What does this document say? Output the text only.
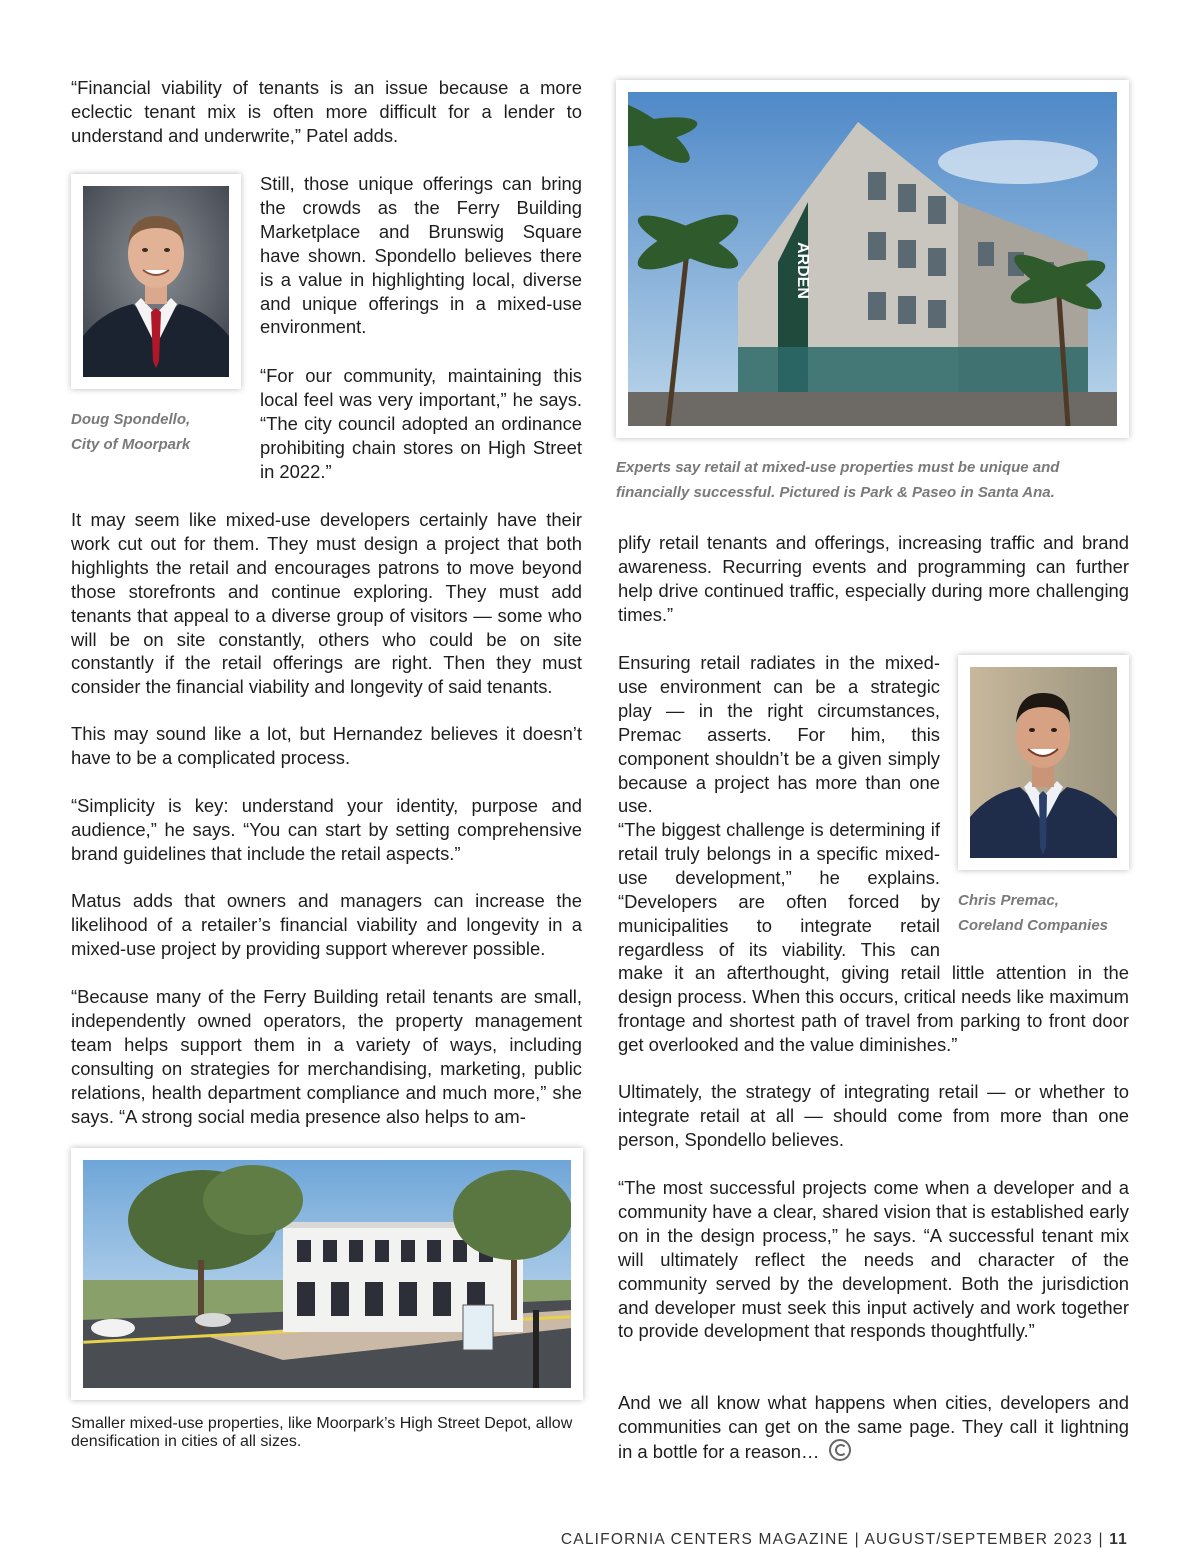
“Financial viability of tenants is an issue because a more eclectic tenant mix is often more difficult for a lender to understand and underwrite,” Patel adds.

Doug Spondello,
City of Moorpark

Still, those unique offerings can bring the crowds as the Ferry Building Marketplace and Brunswig Square have shown. Spondello believes there is a value in highlighting local, diverse and unique offerings in a mixed-use environment.

“For our community, maintaining this local feel was very important,” he says. “The city council adopted an ordinance prohibiting chain stores on High Street in 2022.”

It may seem like mixed-use developers certainly have their work cut out for them. They must design a project that both highlights the retail and encourages patrons to move beyond those storefronts and continue exploring. They must add tenants that appeal to a diverse group of visitors — some who will be on site constantly, others who could be on site constantly if the retail offerings are right. Then they must consider the financial viability and longevity of said tenants.

This may sound like a lot, but Hernandez believes it doesn’t have to be a complicated process.

“Simplicity is key: understand your identity, purpose and audience,” he says. “You can start by setting comprehensive brand guidelines that include the retail aspects.”

Matus adds that owners and managers can increase the likelihood of a retailer’s financial viability and longevity in a mixed-use project by providing support wherever possible.

“Because many of the Ferry Building retail tenants are small, independently owned operators, the property management team helps support them in a variety of ways, including consulting on strategies for merchandising, marketing, public relations, health department compliance and much more,” she says. “A strong social media presence also helps to am-

Smaller mixed-use properties, like Moorpark’s High Street Depot, allow densification in cities of all sizes.
ARDEN
Experts say retail at mixed-use properties must be unique and financially successful. Pictured is Park & Paseo in Santa Ana.

plify retail tenants and offerings, increasing traffic and brand awareness. Recurring events and programming can further help drive continued traffic, especially during more challenging times.”

Ensuring retail radiates in the mixed-use environment can be a strategic play — in the right circumstances, Premac asserts. For him, this component shouldn’t be a given simply because a project has more than one use.

Chris Premac,
Coreland Companies

“The biggest challenge is determining if retail truly belongs in a specific mixed-use development,” he explains. “Developers are often forced by municipalities to integrate retail regardless of its viability. This can make it an afterthought, giving retail little attention in the design process. When this occurs, critical needs like maximum frontage and shortest path of travel from parking to front door get overlooked and the value diminishes.”

Ultimately, the strategy of integrating retail — or whether to integrate retail at all — should come from more than one person, Spondello believes.

“The most successful projects come when a developer and a community have a clear, shared vision that is established early on in the design process,” he says. “A successful tenant mix will ultimately reflect the needs and character of the community served by the development. Both the jurisdiction and developer must seek this input actively and work together to provide development that responds thoughtfully.”

And we all know what happens when cities, developers and communities can get on the same page. They call it lightning in a bottle for a reason…

CALIFORNIA CENTERS MAGAZINE | AUGUST/SEPTEMBER 2023 | 11
